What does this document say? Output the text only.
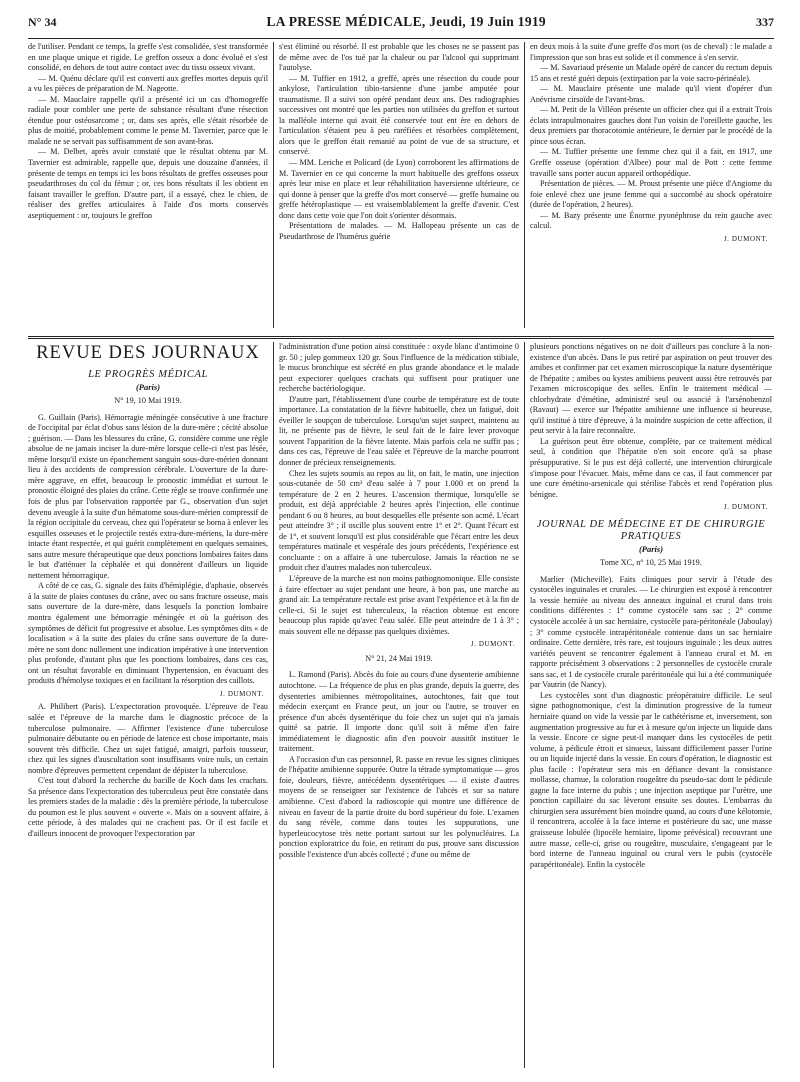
N° 34	LA PRESSE MÉDICALE, Jeudi, 19 Juin 1919	337

de l'utiliser. Pendant ce temps, la greffe s'est consolidée, s'est transformée en une plaque unique et rigide. Le greffon osseux a donc évolué et s'est consolidé, en dehors de tout autre contact avec du tissu osseux vivant.

— M. Quénu déclare qu'il est converti aux greffes mortes depuis qu'il a vu les pièces de préparation de M. Nageotte.

— M. Mauclaire rappelle qu'il a présenté ici un cas d'homogreffe radiale pour combler une perte de substance résultant d'une résection étendue pour ostéosarcome ; or, dans ses après, elle s'était résorbée de plus de moitié, probablement comme le pense M. Tavernier, parce que le malade ne se servait pas suffisamment de son avant-bras.

— M. Delbet, après avoir constaté que le résultat obtenu par M. Tavernier est admirable, rappelle que, depuis une douzaine d'années, il présente de temps en temps ici les bons résultats de greffes osseuses pour pseudarthroses du col du fémur ; or, ces bons résultats il les obtient en faisant travailler le greffon. D'autre part, il a essayé, chez le chien, de réaliser des greffes articulaires à l'aide d'os morts conservés aseptiquement : or, toujours le greffon

s'est éliminé ou résorbé. Il est probable que les choses ne se passent pas de même avec de l'os tué par la chaleur ou par l'alcool qui supprimant l'autolyse.

— M. Tuffier en 1912, a greffé, après une résection du coude pour ankylose, l'articulation tibio-tarsienne d'une jambe amputée pour traumatisme. Il a suivi son opéré pendant deux ans. Des radiographies successives ont montré que les parties non utilisées du greffon et surtout la malléole interne qui avait été conservée tout ent ère en dehors de l'articulation s'étaient peu à peu raréfiées et résorbées complètement, alors que le greffon était remanié au point de vue de sa structure, et conservé.

— MM. Leriche et Policard (de Lyon) corroborent les affirmations de M. Tavernier en ce qui concerne la mort habituelle des greffons osseux après leur mise en place et leur réhabilitation haversienne ultérieure, ce qui donne à penser que la greffe d'os mort conservé — greffe humaine ou greffe hétéroplastique — est vraisemblablement la greffe d'avenir. C'est donc dans cette voie que l'on doit s'orienter désormais.

Présentations de malades. — M. Hallopeau présente un cas de Pseudarthrose de l'humérus guérie

en deux mois à la suite d'une greffe d'os mort (os de cheval) : le malade a l'impression que son bras est solide et il commence à s'en servir.

— M. Savariaud présente un Malade opéré de cancer du rectum depuis 15 ans et resté guéri depuis (extirpation par la voie sacro-périnéale).

— M. Mauclaire présente une malade qu'il vient d'opérer d'un Anévrisme cirsoïde de l'avant-bras.

— M. Petit de la Villéon présente un officier chez qui il a extrait Trois éclats intrapulmonaires gauches dont l'un voisin de l'oreillette gauche, les deux premiers par thoracotomie antérieure, le dernier par le procédé de la pince sous écran.

— M. Tuffier présente une femme chez qui il a fait, en 1917, une Greffe osseuse (opération d'Albee) pour mal de Pott : cette femme travaille sans porter aucun appareil orthopédique.

Présentation de pièces. — M. Proust présente une pièce d'Angiome du foie enlevé chez une jeune femme qui a succombé au shock opératoire (durée de l'opération, 2 heures).

— M. Bazy présente une Énorme pyonéphrose du rein gauche avec calcul.

J. DUMONT.
REVUE DES JOURNAUX
LE PROGRÈS MÉDICAL
(Paris)
N° 19, 10 Mai 1919.

G. Guillain (Paris). Hémorragie méningée consécutive à une fracture de l'occipital par éclat d'obus sans lésion de la dure-mère ; cécité absolue ; guérison. — Dans les blessures du crâne, G. considère comme une règle absolue de ne jamais inciser la dure-mère lorsque celle-ci n'est pas lésée, même lorsqu'il existe un épanchement sanguin sous-dure-mérien donnant lieu à des accidents de compression cérébrale. L'ouverture de la dure-mère aggrave, en effet, beaucoup le pronostic immédiat et surtout le pronostic éloigné des plaies du crâne. Cette règle se trouve confirmée une fois de plus par l'observation rapportée par G., observation d'un sujet devenu aveugle à la suite d'un hématome sous-dure-mérien compressif de la région occipitale du cerveau, chez qui l'opérateur se borna à enlever les esquilles osseuses et le projectile restés extra-dure-mériens, la dure-mère intacte étant respectée, et qui guérit complètement en quelques semaines, sans autre mesure thérapeutique que deux ponctions lombaires faites dans le but d'atténuer la céphalée et qui donnèrent d'ailleurs un liquide nettement hémorragique.

A côté de ce cas, G. signale des faits d'hémiplégie, d'aphasie, observés à la suite de plaies contuses du crâne, avec ou sans fracture osseuse, mais sans ouverture de la dure-mère, dans lesquels la ponction lombaire montra également une hémorragie méningée et où la guérison des symptômes de déficit fut progressive et absolue. Les symptômes dits « de localisation » à la suite des plaies du crâne sans ouverture de la dure-mère ne sont donc nullement une indication impérative à une intervention plus profonde, d'autant plus que les ponctions lombaires, dans ces cas, ont un résultat favorable en diminuant l'hypertension, en évacuant des produits d'hémolyse toxiques et en facilitant la résorption des caillots.

J. DUMONT.

A. Philibert (Paris). L'expectoration provoquée. L'épreuve de l'eau salée et l'épreuve de la marche dans le diagnostic précoce de la tuberculose pulmonaire. — Affirmer l'existence d'une tuberculose pulmonaire débutante ou en période de latence est chose importante, mais souvent très difficile. Chez un sujet fatigué, amaigri, parfois tousseur, chez qui les signes d'auscultation sont insuffisants voire nuls, un certain nombre d'épreuves permettent cependant de dépister la tuberculose.

C'est tout d'abord la recherche du bacille de Koch dans les crachats. Sa présence dans l'expectoration des tuberculeux peut être constatée dans les premiers stades de la maladie : dès la première période, la tuberculose du poumon est le plus souvent « ouverte ». Mais on a souvent affaire, à cette période, à des malades qui ne crachent pas. Or il est facile et d'ailleurs innocent de provoquer l'expectoration par

l'administration d'une potion ainsi constituée : oxyde blanc d'antimoine 0 gr. 50 ; julep gommeux 120 gr. Sous l'influence de la médication stibiale, le mucus bronchique est sécrété en plus grande abondance et le malade peut expectorer quelques crachats qui suffisent pour pratiquer une recherche bactériologique.

D'autre part, l'établissement d'une courbe de température est de toute importance. La constatation de la fièvre habituelle, chez un fatigué, doit éveiller le soupçon de tuberculose. Lorsqu'un sujet suspect, maintenu au lit, ne présente pas de fièvre, le seul fait de le faire lever provoque souvent l'apparition de la fièvre latente. Mais parfois cela ne suffit pas ; dans ces cas, l'épreuve de l'eau salée et l'épreuve de la marche pourront donner de précieux renseignements.

Chez les sujets soumis au repos au lit, on fait, le matin, une injection sous-cutanée de 50 cm³ d'eau salée à 7 pour 1.000 et on prend la température de 2 en 2 heures. L'ascension thermique, lorsqu'elle se produit, est déjà appréciable 2 heures après l'injection, elle continue pendant 6 ou 8 heures, au bout desquelles elle présente son acmé. L'écart peut atteindre 3° ; il oscille plus souvent entre 1° et 2°. Quant l'écart est de 1°, et souvent lorsqu'il est plus considérable que l'écart entre les deux températures matinale et vespérale des jours précédents, l'expérience est concluante : on a affaire à une tuberculose. Jamais la réaction ne se produit chez d'autres malades non tuberculeux.

L'épreuve de la marche est non moins pathognomonique. Elle consiste à faire effectuer au sujet pendant une heure, à bon pas, une marche au grand air. La température rectale est prise avant l'expérience et à la fin de celle-ci. Si le sujet est tuberculeux, la réaction obtenue est encore beaucoup plus rapide qu'avec l'eau salée. Elle peut atteindre de 1 à 3° ; mais souvent elle ne dépasse pas quelques dixièmes.

J. DUMONT.
N° 21, 24 Mai 1919.

L. Ramond (Paris). Abcès du foie au cours d'une dysenterie amibienne autochtone. — La fréquence de plus en plus grande, depuis la guerre, des dysenteries amibiennes métropolitaines, autochtones, fait que tout médecin exerçant en France peut, un jour ou l'autre, se trouver en présence d'un abcès dysentérique du foie chez un sujet qui n'a jamais quitté sa patrie. Il importe donc qu'il soit à même d'en faire immédiatement le diagnostic afin d'en pouvoir aussitôt instituer le traitement.

A l'occasion d'un cas personnel, R. passe en revue les signes cliniques de l'hépatite amibienne suppurée. Outre la tétrade symptomatique — gros foie, douleurs, fièvre, antécédents dysentériques — il existe d'autres moyens de se renseigner sur l'existence de l'abcès et sur sa nature amibienne. C'est d'abord la radioscopie qui montre une différence de niveau en faveur de la partie droite du bord supérieur du foie. L'examen du sang révèle, comme dans toutes les suppurations, une hyperleucocytose très nette portant surtout sur les polynucléaires. La ponction exploratrice du foie, en retirant du pus, prouve sans discussion possible l'existence d'un abcès collecté ; d'une ou même de

plusieurs ponctions négatives on ne doit d'ailleurs pas conclure à la non-existence d'un abcès. Dans le pus retiré par aspiration on peut trouver des amibes et confirmer par cet examen microscopique la nature dysentérique de l'hépatite ; amibes ou kystes amibiens peuvent aussi être retrouvés par l'examen microscopique des selles. Enfin le traitement médical — chlorhydrate d'émétine, administré seul ou associé à l'arsénobenzol (Ravaut) — exerce sur l'hépatite amibienne une influence si heureuse, qu'il institué à titre d'épreuve, à la moindre suspicion de cette affection, il peut servir à la faire reconnaître.

La guérison peut être obtenue, complète, par ce traitement médical seul, à condition que l'hépatite n'en soit encore qu'à sa phase présuppurative. Si le pus est déjà collecté, une intervention chirurgicale s'impose pour l'évacuer. Mais, même dans ce cas, il faut commencer par une cure émétino-arsenicale qui stérilise l'abcès et rend l'opération plus bénigne.

J. DUMONT.
JOURNAL DE MÉDECINE ET DE CHIRURGIE PRATIQUES
(Paris)
Tome XC, n° 10, 25 Mai 1919.

Marlier (Micheville). Faits cliniques pour servir à l'étude des cystocèles inguinales et crurales. — Le chirurgien est exposé à rencontrer la vessie herniée au niveau des anneaux inguinal et crural dans trois conditions différentes : 1° comme cystocèle sans sac ; 2° comme cystocèle accolée à un sac herniaire, cystocèle para-péritonéale (Jaboulay) ; 3° comme cystocèle intrapéritonéale contenue dans un sac herniaire ordinaire. Cette dernière, très rare, est toujours inguinale ; les deux autres variétés peuvent se rencontrer également à l'anneau crural et M. en rapporte précisément 3 observations : 2 personnelles de cystocèle crurale sans sac, et 1 de cystocèle crurale paréritonéale qui lui a été communiquée par Vautrin (de Nancy).

Les cystocèles sont d'un diagnostic préopératoire difficile. Le seul signe pathognomonique, c'est la diminution progressive de la tumeur herniaire quand on vide la vessie par le cathétérisme et, inversement, son augmentation progressive au fur et à mesure qu'on injecte un liquide dans la vessie. Encore ce signe peut-il manquer dans les cystocèles de petit volume, à pédicule étroit et sinueux, laissant difficilement passer l'urine ou un liquide injecté dans la vessie. En cours d'opération, le diagnostic est plus facile : l'opérateur sera mis en défiance devant la consistance mollasse, charnue, la coloration rougeâtre du pseudo-sac dont le pédicule gagne la face interne du pubis ; une injection aseptique par l'urètre, une ponction capillaire du sac lèveront ensuite ses doutes. L'embarras du chirurgien sera assurément bien moindre quand, au cours d'une kélotomie, il rencontrera, accolée à la face interne et postérieure du sac, une masse graisseuse lobulée (lipocèle herniaire, lipome prévésical) recouvrant une autre masse, celle-ci, grise ou rougeâtre, musculaire, s'engageant par le bord interne de l'anneau inguinal ou crural vers le pubis (cystocèle parapéritonéale). Enfin la cystocèle
